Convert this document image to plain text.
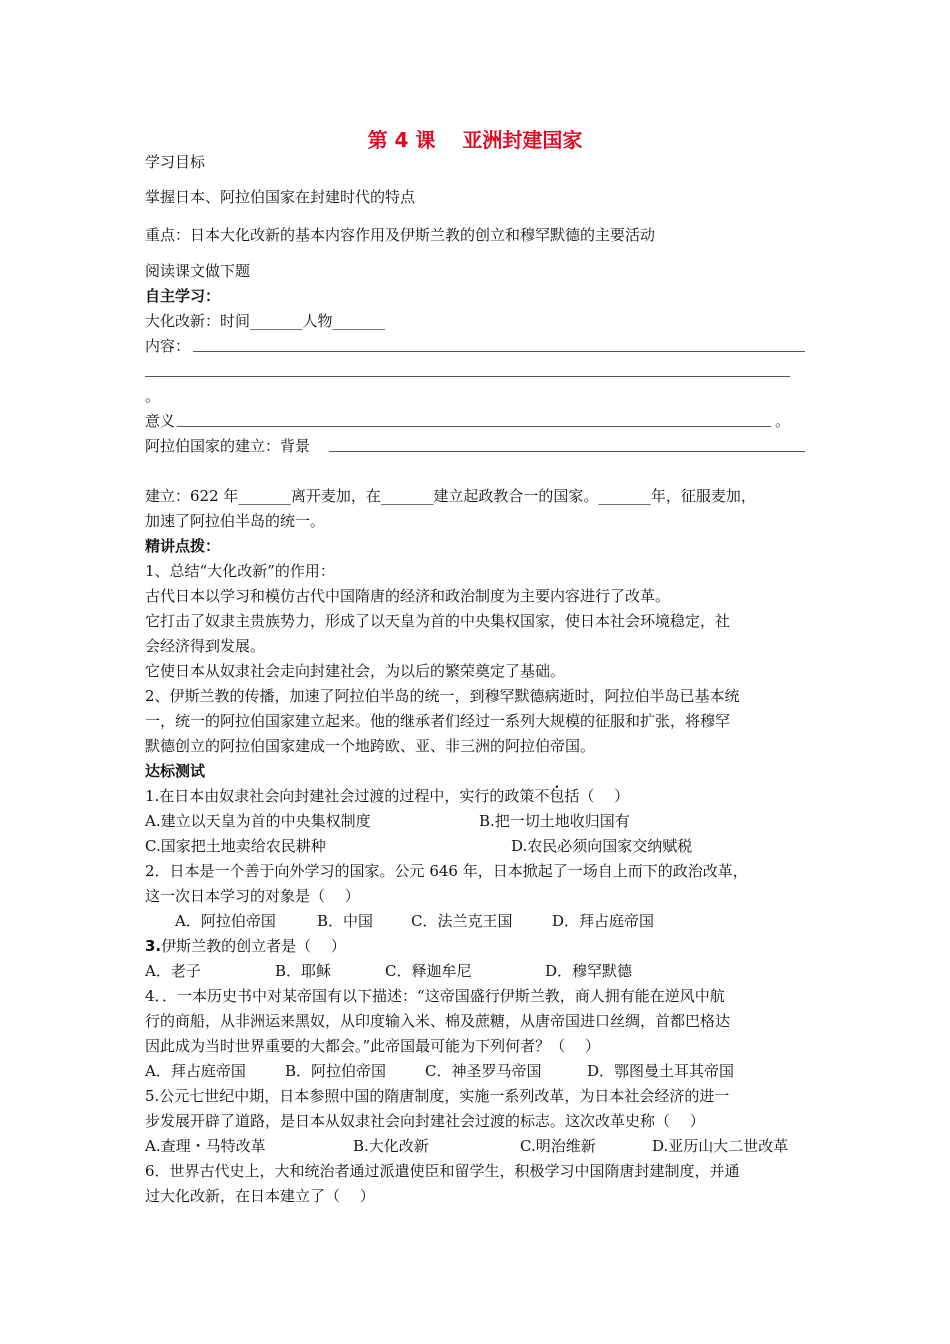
第 4 课　 亚洲封建国家
学习目标
掌握日本、阿拉伯国家在封建时代的特点
重点：日本大化改新的基本内容作用及伊斯兰教的创立和穆罕默德的主要活动
阅读课文做下题
自主学习：
大化改新：时间_______人物_______
内容：
。
意义	。
阿拉伯国家的建立：背景
建立：622 年_______离开麦加，在_______建立起政教合一的国家。_______年，征服麦加，
加速了阿拉伯半岛的统一。
精讲点拨：
1、总结“大化改新”的作用：
古代日本以学习和模仿古代中国隋唐的经济和政治制度为主要内容进行了改革。
它打击了奴隶主贵族势力，形成了以天皇为首的中央集权国家，使日本社会环境稳定，社
会经济得到发展。
它使日本从奴隶社会走向封建社会，为以后的繁荣奠定了基础。
2、伊斯兰教的传播，加速了阿拉伯半岛的统一，到穆罕默德病逝时，阿拉伯半岛已基本统
一，统一的阿拉伯国家建立起来。他的继承者们经过一系列大规模的征服和扩张，将穆罕
默德创立的阿拉伯国家建成一个地跨欧、亚、非三洲的阿拉伯帝国。
达标测试
1.在日本由奴隶社会向封建社会过渡的过程中，实行的政策不包括（　 ）
A.建立以天皇为首的中央集权制度	B.把一切土地收归国有
C.国家把土地卖给农民耕种	D.农民必须向国家交纳赋税
2．日本是一个善于向外学习的国家。公元 646 年，日本掀起了一场自上而下的政治改革，
这一次日本学习的对象是（　 ）
A．阿拉伯帝国	B．中国	C．法兰克王国	D．拜占庭帝国
3.伊斯兰教的创立者是（　 ）
A．老子	B．耶稣	C．释迦牟尼	D．穆罕默德
4．．一本历史书中对某帝国有以下描述：“这帝国盛行伊斯兰教，商人拥有能在逆风中航
行的商船，从非洲运来黑奴，从印度输入米、棉及蔗糖，从唐帝国进口丝绸，首都巴格达
因此成为当时世界重要的大都会。”此帝国最可能为下列何者？（　 ）
A．拜占庭帝国	B．阿拉伯帝国	C．神圣罗马帝国	D．鄂图曼土耳其帝国
5.公元七世纪中期，日本参照中国的隋唐制度，实施一系列改革，为日本社会经济的进一
步发展开辟了道路，是日本从奴隶社会向封建社会过渡的标志。这次改革史称（　 ）
A.查理・马特改革	B.大化改新	C.明治维新	D.亚历山大二世改革
6．世界古代史上，大和统治者通过派遣使臣和留学生，积极学习中国隋唐封建制度，并通
过大化改新，在日本建立了（　 ）
